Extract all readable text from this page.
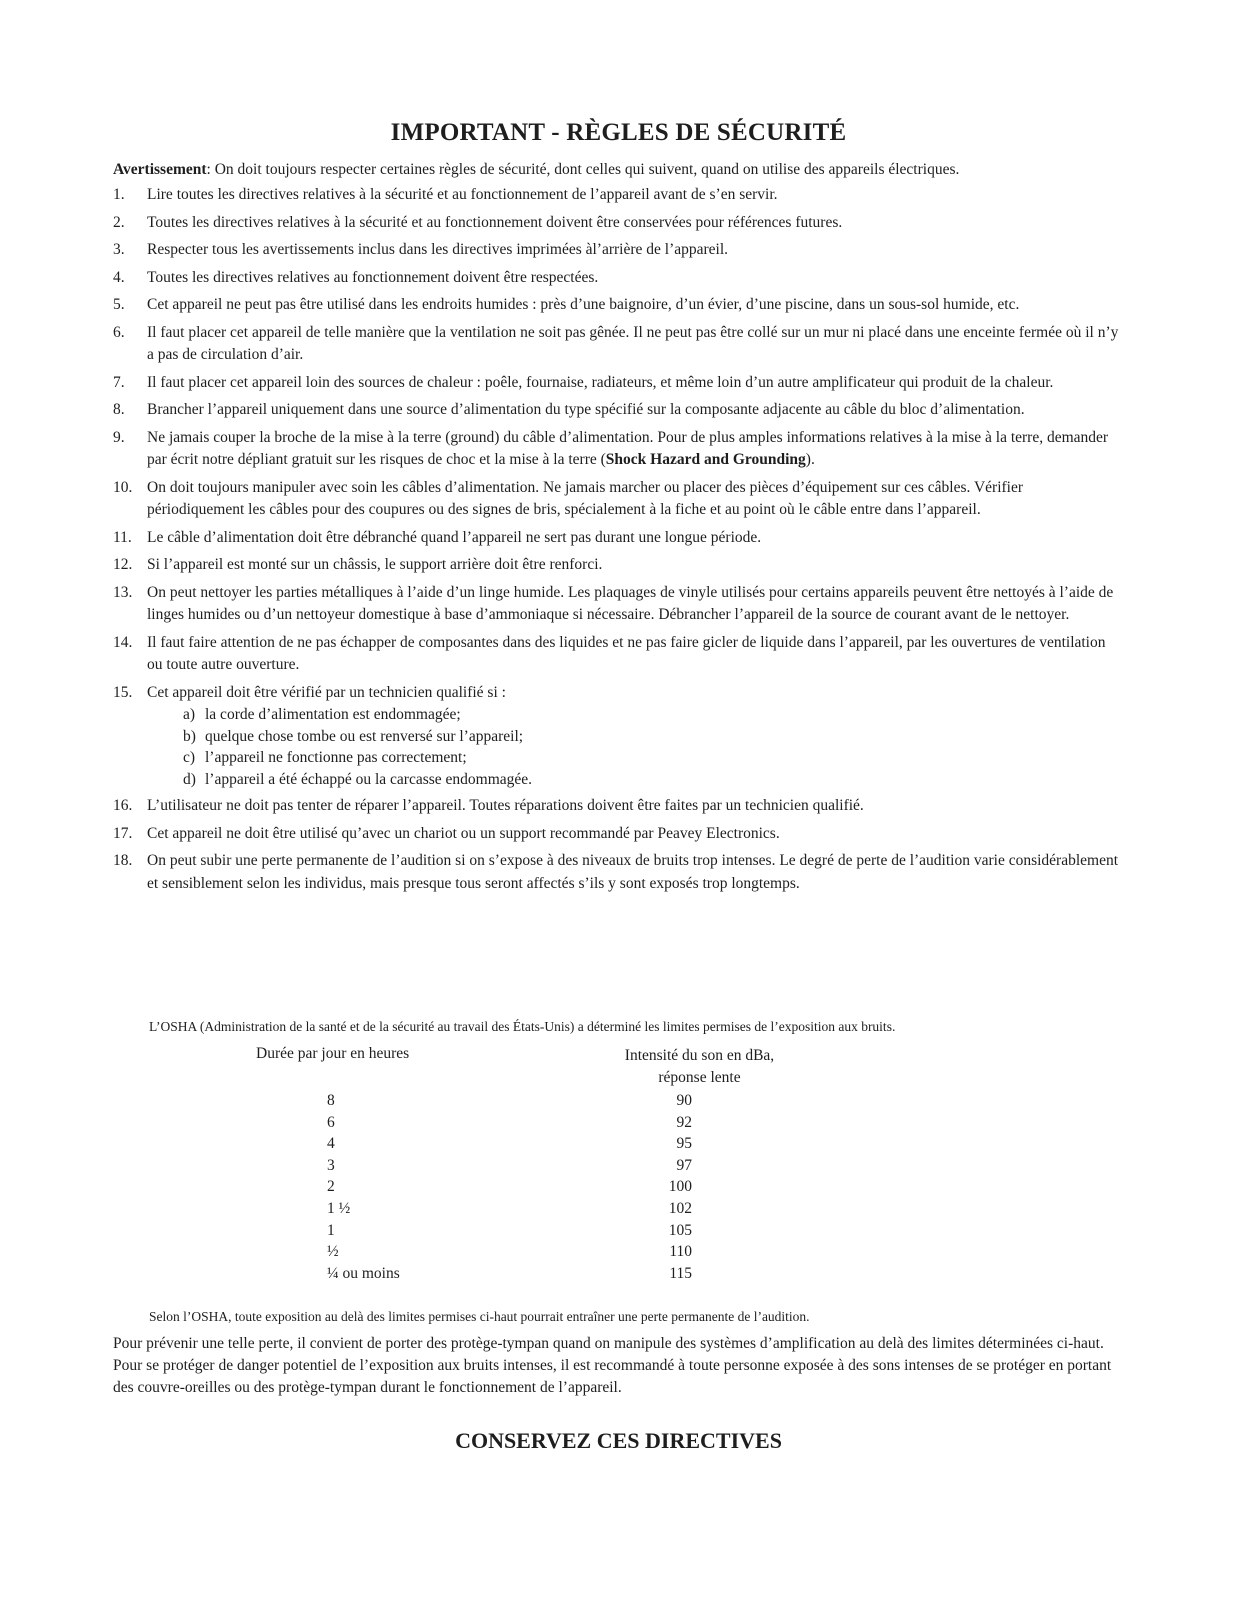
IMPORTANT - RÈGLES DE SÉCURITÉ
Avertissement: On doit toujours respecter certaines règles de sécurité, dont celles qui suivent, quand on utilise des appareils électriques.
1.	Lire toutes les directives relatives à la sécurité et au fonctionnement de l’appareil avant de s’en servir.
2.	Toutes les directives relatives à la sécurité et au fonctionnement doivent être conservées pour références futures.
3.	Respecter tous les avertissements inclus dans les directives imprimées àl’arrière de l’appareil.
4.	Toutes les directives relatives au fonctionnement doivent être respectées.
5.	Cet appareil ne peut pas être utilisé dans les endroits humides : près d’une baignoire, d’un évier, d’une piscine, dans un sous-sol humide, etc.
6.	Il faut placer cet appareil de telle manière que la ventilation ne soit pas gênée. Il ne peut pas être collé sur un mur ni placé dans une enceinte fermée où il n’y a pas de circulation d’air.
7.	Il faut placer cet appareil loin des sources de chaleur : poêle, fournaise, radiateurs, et même loin d’un autre amplificateur qui produit de la chaleur.
8.	Brancher l’appareil uniquement dans une source d’alimentation du type spécifié sur la composante adjacente au câble du bloc d’alimentation.
9.	Ne jamais couper la broche de la mise à la terre (ground) du câble d’alimentation. Pour de plus amples informations relatives à la mise à la terre, demander par écrit notre dépliant gratuit sur les risques de choc et la mise à la terre (Shock Hazard and Grounding).
10. On doit toujours manipuler avec soin les câbles d’alimentation. Ne jamais marcher ou placer des pièces d’équipement sur ces câbles. Vérifier périodiquement les câbles pour des coupures ou des signes de bris, spécialement à la fiche et au point où le câble entre dans l’appareil.
11. Le câble d’alimentation doit être débranché quand l’appareil ne sert pas durant une longue période.
12. Si l’appareil est monté sur un châssis, le support arrière doit être renforci.
13. On peut nettoyer les parties métalliques à l’aide d’un linge humide. Les plaquages de vinyle utilisés pour certains appareils peuvent être nettoyés à l’aide de linges humides ou d’un nettoyeur domestique à base d’ammoniaque si nécessaire. Débrancher l’appareil de la source de courant avant de le nettoyer.
14. Il faut faire attention de ne pas échapper de composantes dans des liquides et ne pas faire gicler de liquide dans l’appareil, par les ouvertures de ventilation ou toute autre ouverture.
15. Cet appareil doit être vérifié par un technicien qualifié si :
a) la corde d’alimentation est endommagée;
b) quelque chose tombe ou est renversé sur l’appareil;
c) l’appareil ne fonctionne pas correctement;
d) l’appareil a été échappé ou la carcasse endommagée.
16. L’utilisateur ne doit pas tenter de réparer l’appareil. Toutes réparations doivent être faites par un technicien qualifié.
17. Cet appareil ne doit être utilisé qu’avec un chariot ou un support recommandé par Peavey Electronics.
18. On peut subir une perte permanente de l’audition si on s’expose à des niveaux de bruits trop intenses. Le degré de perte de l’audition varie considérablement et sensiblement selon les individus, mais presque tous seront affectés s’ils y sont exposés trop longtemps.
L’OSHA (Administration de la santé et de la sécurité au travail des États-Unis) a déterminé les limites permises de l’exposition aux bruits.
Durée par jour en heures	Intensité du son en dBa,
réponse lente
8	90
6	92
4	95
3	97
2	100
1 ½	102
1	105
½	110
¼ ou moins	115
Selon l’OSHA, toute exposition au delà des limites permises ci-haut pourrait entraîner une perte permanente de l’audition.
Pour prévenir une telle perte, il convient de porter des protège-tympan quand on manipule des systèmes d’amplification au delà des limites déterminées ci-haut. Pour se protéger de danger potentiel de l’exposition aux bruits intenses, il est recommandé à toute personne exposée à des sons intenses de se protéger en portant des couvre-oreilles ou des protège-tympan durant le fonctionnement de l’appareil.
CONSERVEZ CES DIRECTIVES
